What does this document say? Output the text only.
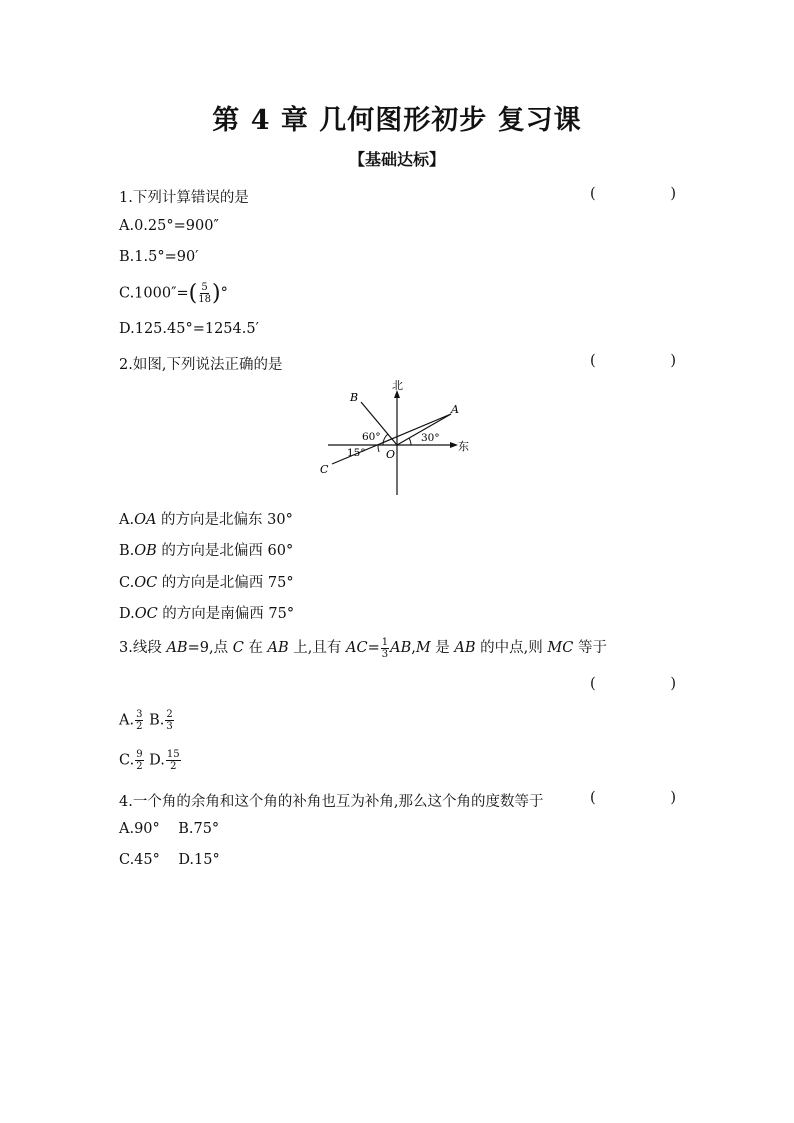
第 4 章 几何图形初步 复习课
【基础达标】
1.下列计算错误的是	(	)
A.0.25°=900″
B.1.5°=90′
$C.1000''=( \frac{5}{18}$ )°
D.125.45°=1254.5′
2.如图,下列说法正确的是	(	)
北
东
A
B
C
O
30°
60°
15°
A.OA 的方向是北偏东 30°
B.OB 的方向是北偏西 60°
C.OC 的方向是北偏西 75°
D.OC 的方向是南偏西 75°
3.线段 AB=9,点 C 在 AB 上,且有 $AC= \frac{1}{3} AB,M$ 是 AB 的中点,则 MC 等于
(	)
A. $\frac{3}{2} B$. $\frac{2}{3}$
C. $\frac{9}{2} D$. $\frac{15}{2}$
4.一个角的余角和这个角的补角也互为补角,那么这个角的度数等于	(	)
A.90°    B.75°
C.45°    D.15°
